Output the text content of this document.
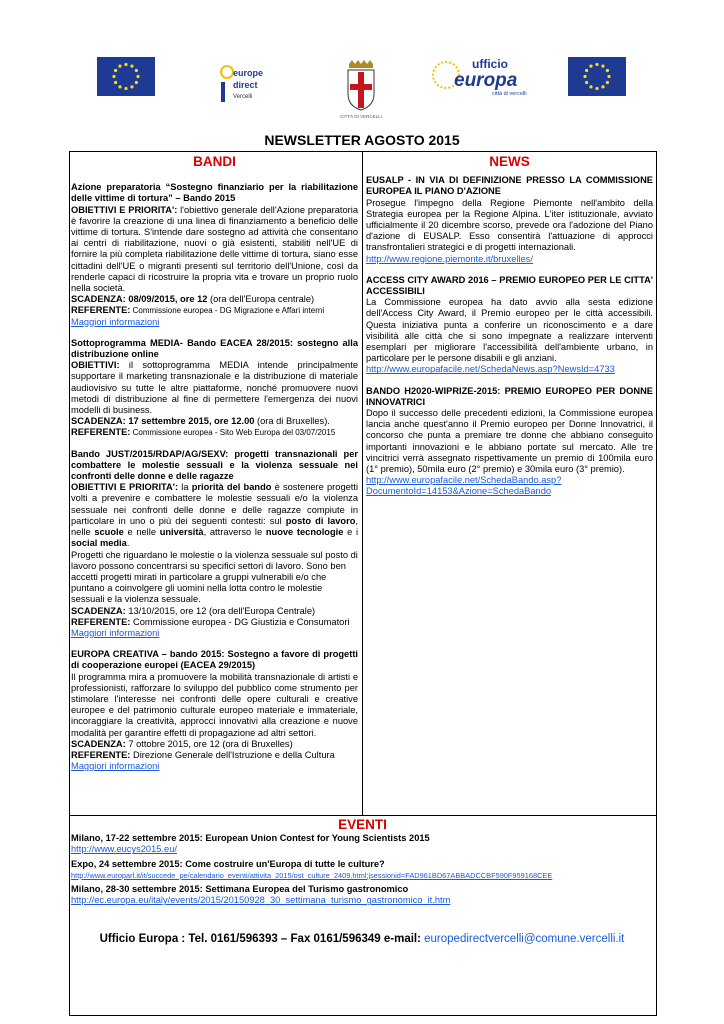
europe
direct
Vercelli
CITTÀ DI VERCELLI
ufficio
europa
città di vercelli
NEWSLETTER AGOSTO 2015
BANDI
Azione preparatoria “Sostegno finanziario per la riabilitazione delle vittime di tortura” – Bando 2015
OBIETTIVI E PRIORITA': l'obiettivo generale dell'Azione preparatoria è favorire la creazione di una linea di finanziamento a beneficio delle vittime di tortura. S'intende dare sostegno ad attività che consentano ai centri di riabilitazione, nuovi o già esistenti, stabiliti nell'UE di fornire la più completa riabilitazione delle vittime di tortura, siano esse cittadini dell'UE o migranti presenti sul territorio dell'Unione, così da renderle capaci di ricostruire la propria vita e trovare un proprio ruolo nella società.
SCADENZA: 08/09/2015, ore 12 (ora dell'Europa centrale)
REFERENTE: Commissione europea - DG Migrazione e Affari interni
Maggiori informazioni
Sottoprogramma MEDIA- Bando EACEA 28/2015: sostegno alla distribuzione online
OBIETTIVI: il sottoprogramma MEDIA intende principalmente supportare il marketing transnazionale e la distribuzione di materiale audiovisivo su tutte le altre piattaforme, nonché promuovere nuovi metodi di distribuzione al fine di permettere l'emergenza dei nuovi modelli di business.
SCADENZA: 17 settembre 2015, ore 12.00 (ora di Bruxelles).
REFERENTE: Commissione europea - Sito Web Europa del 03/07/2015
Bando JUST/2015/RDAP/AG/SEXV: progetti transnazionali per combattere le molestie sessuali e la violenza sessuale nei confronti delle donne e delle ragazze
OBIETTIVI E PRIORITA': la priorità del bando è sostenere progetti volti a prevenire e combattere le molestie sessuali e/o la violenza sessuale nei confronti delle donne e delle ragazze compiute in particolare in uno o più dei seguenti contesti: sul posto di lavoro, nelle scuole e nelle università, attraverso le nuove tecnologie e i social media.
Progetti che riguardano le molestie o la violenza sessuale sul posto di lavoro possono concentrarsi su specifici settori di lavoro. Sono ben accetti progetti mirati in particolare a gruppi vulnerabili e/o che puntano a coinvolgere gli uomini nella lotta contro le molestie sessuali e la violenza sessuale.
SCADENZA: 13/10/2015, ore 12 (ora dell'Europa Centrale)
REFERENTE: Commissione europea - DG Giustizia e Consumatori
Maggiori informazioni
EUROPA CREATIVA – bando 2015: Sostegno a favore di progetti di cooperazione europei (EACEA 29/2015)
Il programma mira a promuovere la mobilità transnazionale di artisti e professionisti, rafforzare lo sviluppo del pubblico come strumento per stimolare l'interesse nei confronti delle opere culturali e creative europee e del patrimonio culturale europeo materiale e immateriale, incoraggiare la creatività, approcci innovativi alla creazione e nuove modalità per garantire effetti di propagazione ad altri settori.
SCADENZA: 7 ottobre 2015, ore 12 (ora di Bruxelles)
REFERENTE: Direzione Generale dell'Istruzione e della Cultura
Maggiori informazioni
NEWS
EUSALP - IN VIA DI DEFINIZIONE PRESSO LA COMMISSIONE EUROPEA IL PIANO D'AZIONE
Prosegue l'impegno della Regione Piemonte nell'ambito della Strategia europea per la Regione Alpina. L'iter istituzionale, avviato ufficialmente il 20 dicembre scorso, prevede ora l'adozione del Piano d'azione di EUSALP. Esso consentirà l'attuazione di approcci transfrontalieri strategici e di progetti internazionali.
http://www.regione.piemonte.it/bruxelles/
ACCESS CITY AWARD 2016 – PREMIO EUROPEO PER LE CITTA' ACCESSIBILI
La Commissione europea ha dato avvio alla sesta edizione dell'Access City Award, il Premio europeo per le città accessibili. Questa iniziativa punta a conferire un riconoscimento e a dare visibilità alle città che si sono impegnate a realizzare interventi esemplari per migliorare l'accessibilità dell'ambiente urbano, in particolare per le persone disabili e gli anziani.
http://www.europafacile.net/SchedaNews.asp?NewsId=4733
BANDO H2020-WIPRIZE-2015: PREMIO EUROPEO PER DONNE INNOVATRICI
Dopo il successo delle precedenti edizioni, la Commissione europea lancia anche quest'anno il Premio europeo per Donne Innovatrici, il concorso che punta a premiare tre donne che abbiano conseguito importanti innovazioni e le abbiano portate sul mercato. Alle tre vincitrici verrà assegnato rispettivamente un premio di 100mila euro (1° premio), 50mila euro (2° premio) e 30mila euro (3° premio).
http://www.europafacile.net/SchedaBando.asp?
DocumentoId=14153&Azione=SchedaBando
EVENTI
Milano, 17-22 settembre 2015: European Union Contest for Young Scientists 2015
http://www.eucys2015.eu/
Expo, 24 settembre 2015: Come costruire un'Europa di tutte le culture?
http://www.europarl.it/it/succede_pe/calendario_eventi/attivita_2015/ost_culture_2409.html;jsessionid=FAD961BD67ABBADCCBF590F959168CEE
Milano, 28-30 settembre 2015: Settimana Europea del Turismo gastronomico
http://ec.europa.eu/italy/events/2015/20150928_30_settimana_turismo_gastronomico_it.htm
Ufficio Europa : Tel. 0161/596393 – Fax 0161/596349 e-mail: europedirectvercelli@comune.vercelli.it
